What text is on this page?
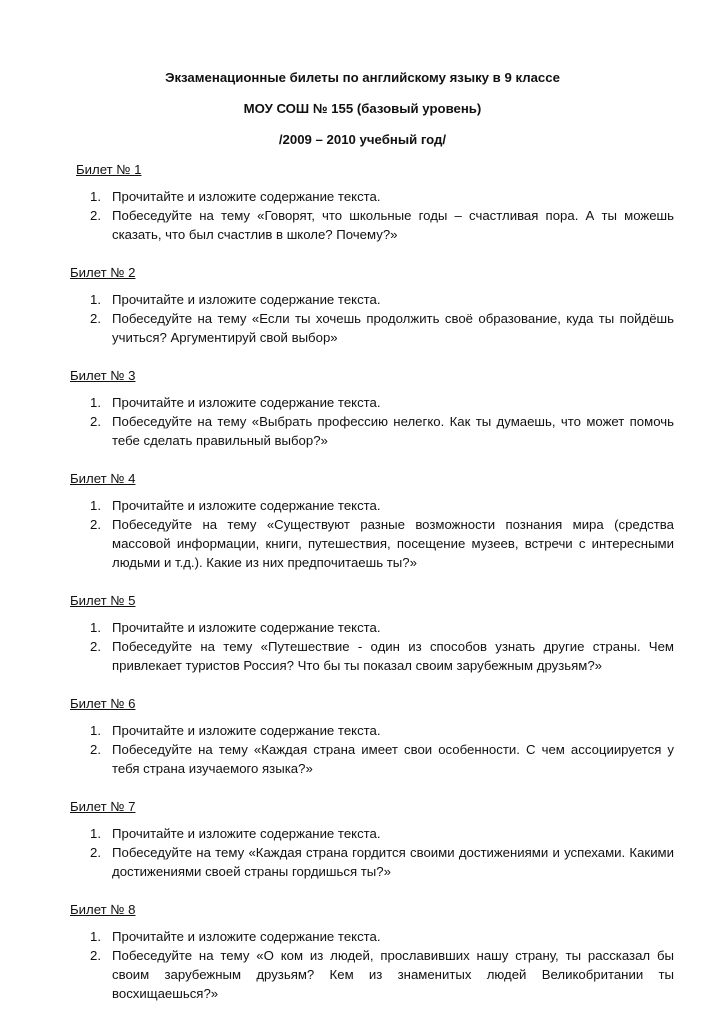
Экзаменационные билеты по английскому языку в 9 классе

МОУ СОШ № 155 (базовый уровень)

/2009 – 2010 учебный год/

Билет № 1
1. Прочитайте и изложите содержание текста.
2. Побеседуйте на тему «Говорят, что школьные годы – счастливая пора. А ты можешь сказать, что был счастлив в школе? Почему?»
Билет № 2
1. Прочитайте и изложите содержание текста.
2. Побеседуйте на тему «Если ты хочешь продолжить своё образование, куда ты пойдёшь учиться? Аргументируй свой выбор»
Билет № 3
1. Прочитайте и изложите содержание текста.
2. Побеседуйте на тему «Выбрать профессию нелегко. Как ты думаешь, что может помочь тебе сделать правильный выбор?»
Билет № 4
1. Прочитайте и изложите содержание текста.
2. Побеседуйте на тему «Существуют разные возможности познания мира (средства массовой информации, книги, путешествия, посещение музеев, встречи с интересными людьми и т.д.). Какие из них предпочитаешь ты?»
Билет № 5
1. Прочитайте и изложите содержание текста.
2. Побеседуйте на тему «Путешествие - один из способов узнать другие страны. Чем привлекает туристов Россия? Что бы ты показал своим зарубежным друзьям?»
Билет № 6
1. Прочитайте и изложите содержание текста.
2. Побеседуйте на тему «Каждая страна имеет свои особенности. С чем ассоциируется у тебя страна изучаемого языка?»
Билет № 7
1. Прочитайте и изложите содержание текста.
2. Побеседуйте на тему «Каждая страна гордится своими достижениями и успехами. Какими достижениями своей страны гордишься ты?»
Билет № 8
1. Прочитайте и изложите содержание текста.
2. Побеседуйте на тему «О ком из людей, прославивших нашу страну, ты рассказал бы своим зарубежным друзьям? Кем из знаменитых людей Великобритании ты восхищаешься?»
